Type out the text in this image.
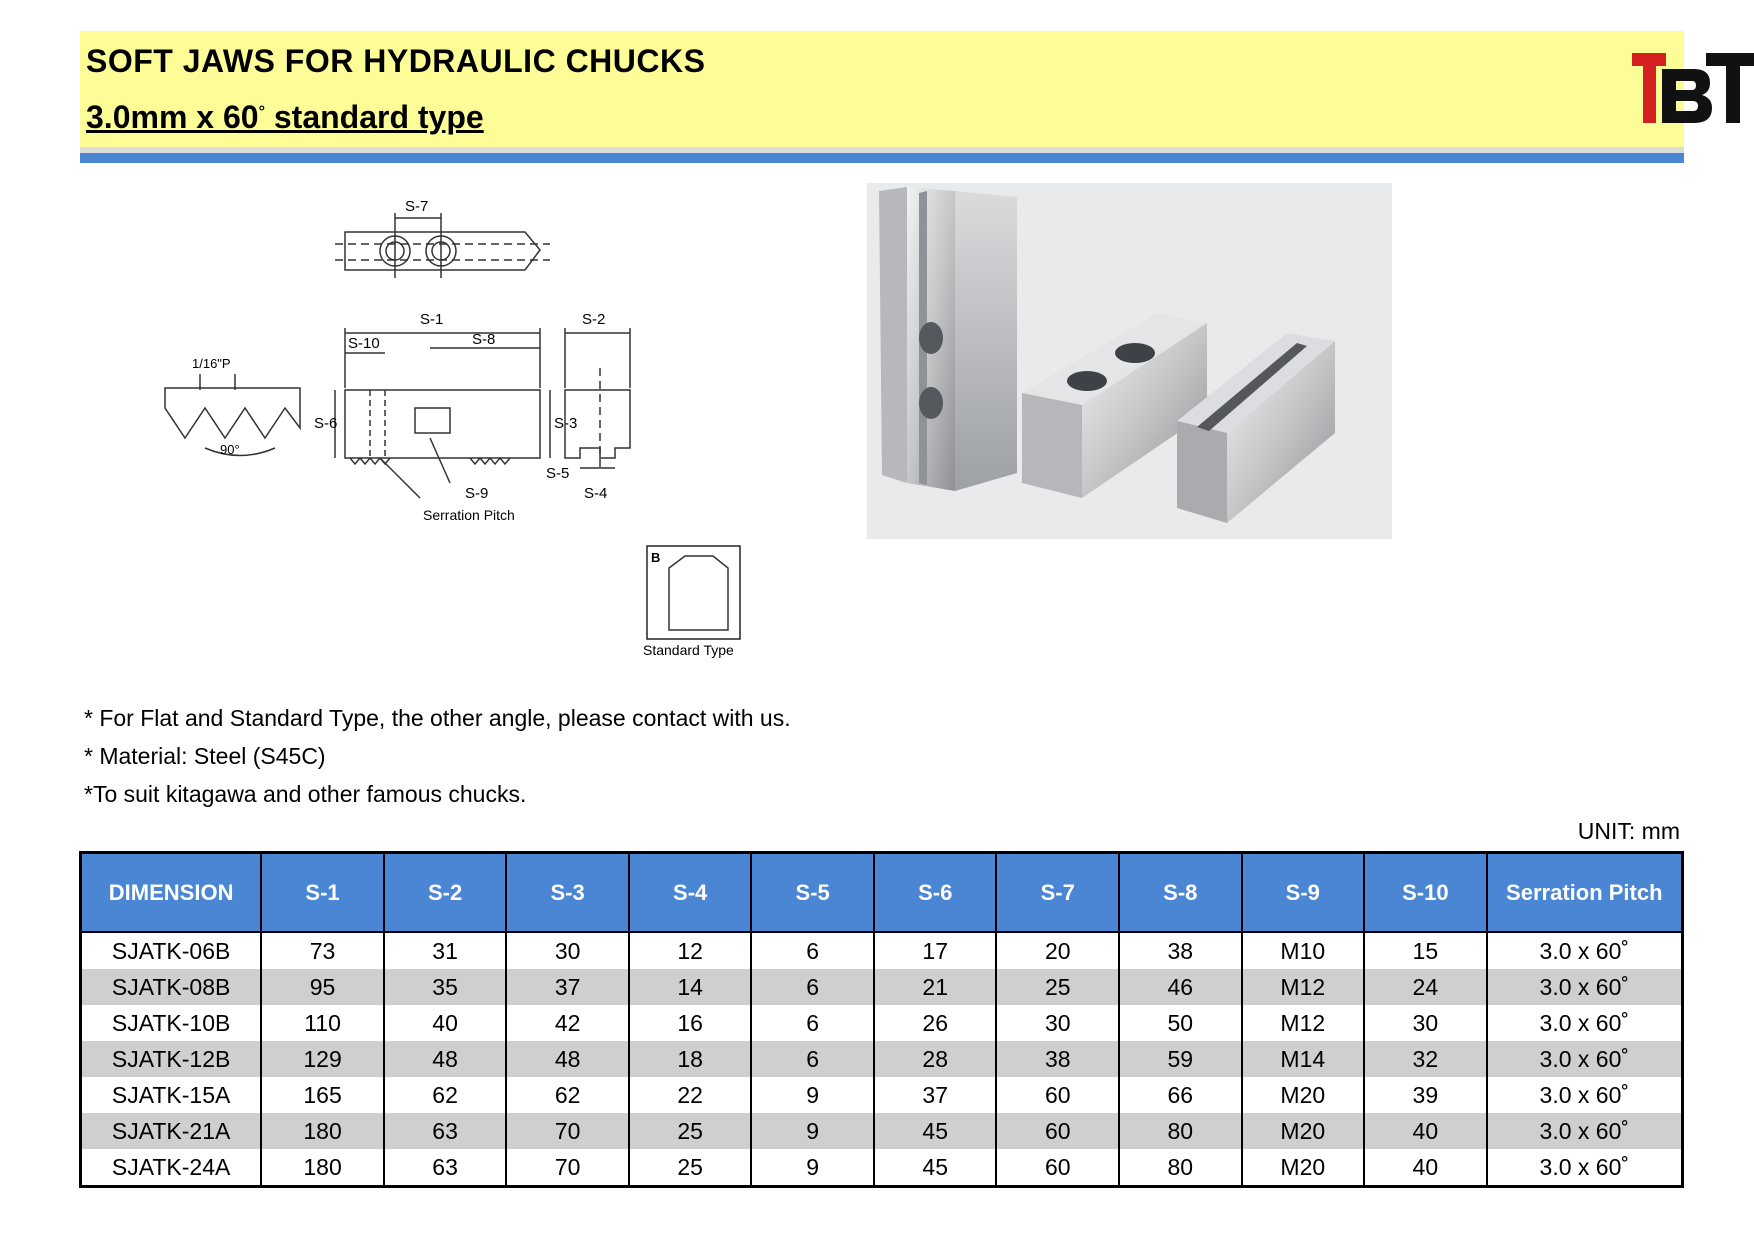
SOFT JAWS FOR HYDRAULIC CHUCKS
3.0mm x 60° standard type
S-7
1/16"P
90°
S-1
S-8
S-10
S-6	S-3
S-9
Serration Pitch
S-2
S-5
S-4
B
Standard Type
* For Flat and Standard Type, the other angle, please contact with us.
* Material: Steel (S45C)
*To suit kitagawa and other famous chucks.
UNIT: mm
DIMENSION	S-1	S-2	S-3	S-4	S-5	S-6	S-7	S-8	S-9	S-10	Serration Pitch
SJATK-06B	73	31	30	12	6	17	20	38	M10	15	3.0 x 60˚
SJATK-08B	95	35	37	14	6	21	25	46	M12	24	3.0 x 60˚
SJATK-10B	110	40	42	16	6	26	30	50	M12	30	3.0 x 60˚
SJATK-12B	129	48	48	18	6	28	38	59	M14	32	3.0 x 60˚
SJATK-15A	165	62	62	22	9	37	60	66	M20	39	3.0 x 60˚
SJATK-21A	180	63	70	25	9	45	60	80	M20	40	3.0 x 60˚
SJATK-24A	180	63	70	25	9	45	60	80	M20	40	3.0 x 60˚
